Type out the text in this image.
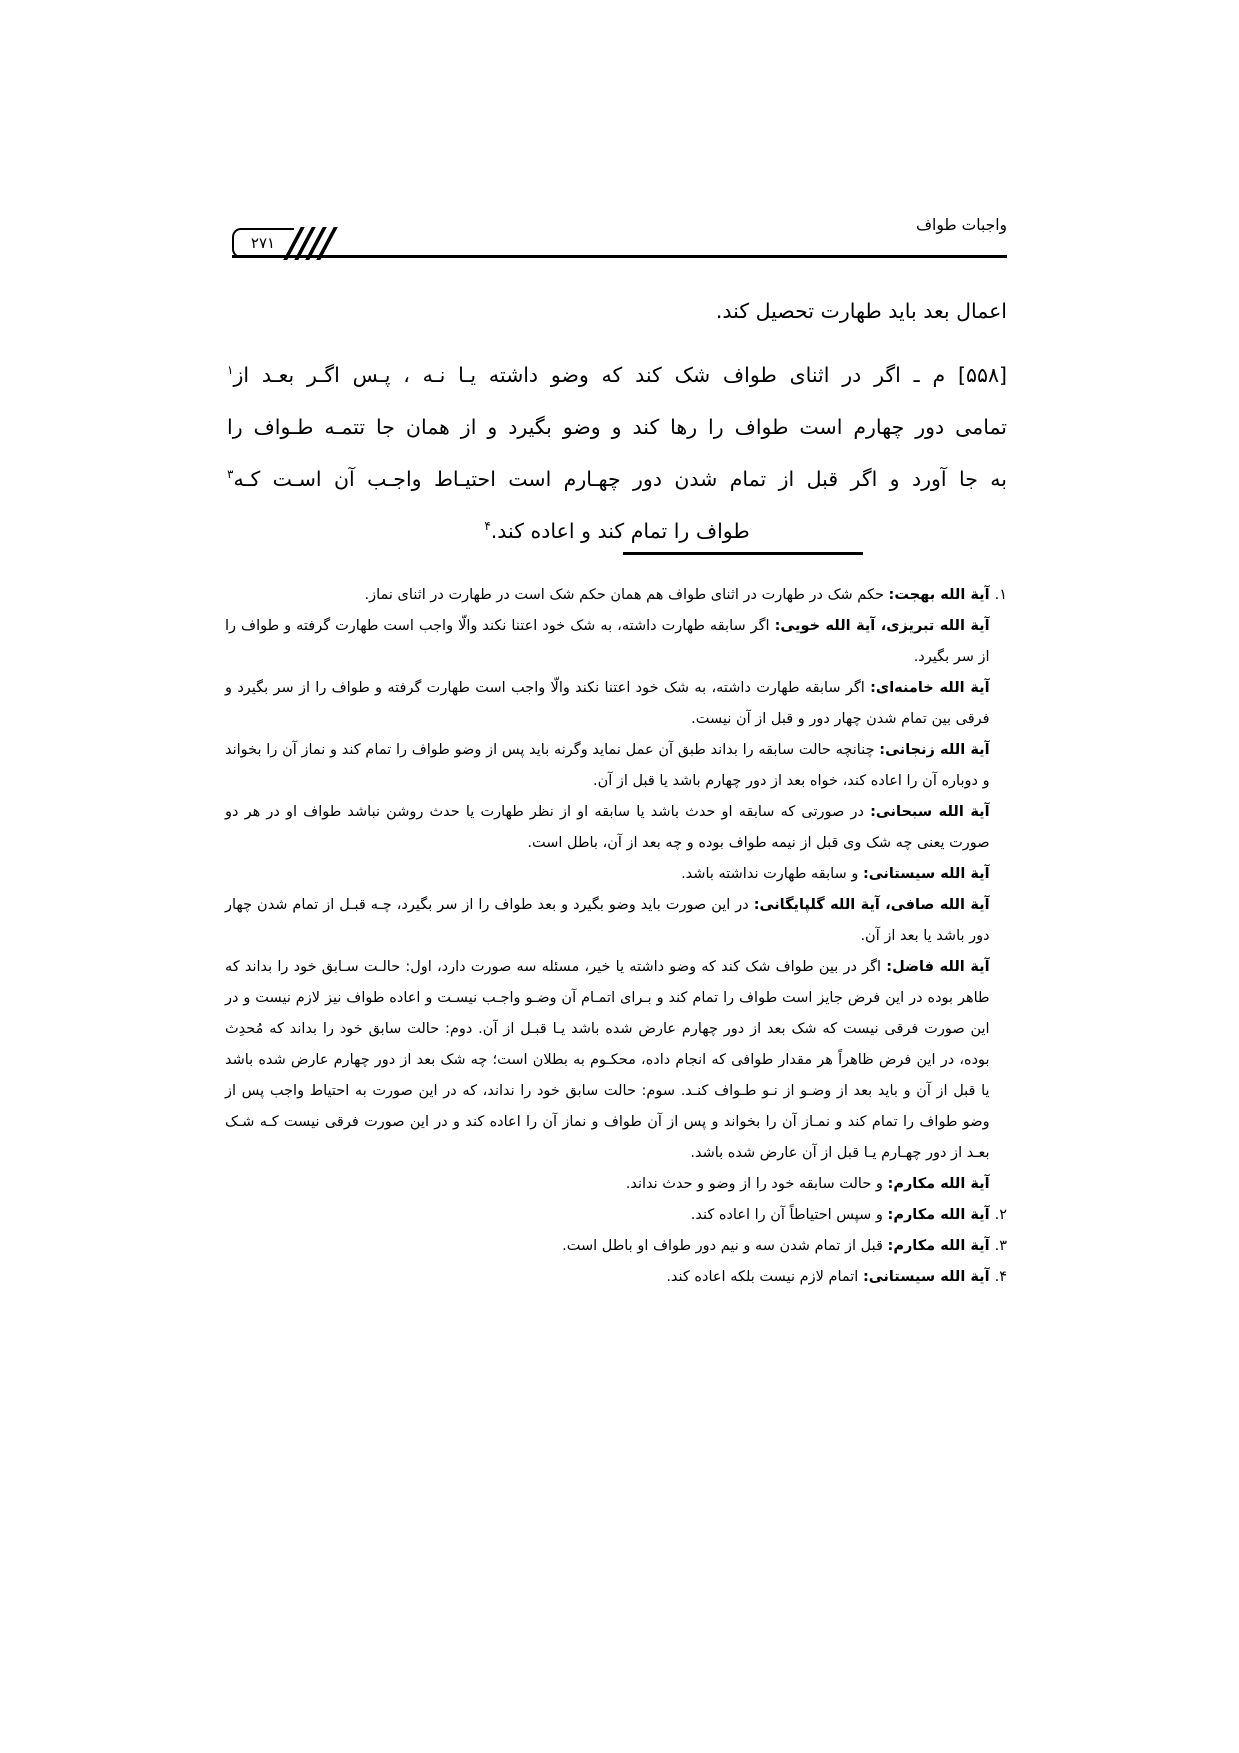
واجبات طواف
۲۷۱
اعمال بعد باید طهارت تحصیل کند.
[۵۵۸] م ـ اگر در اثنای طواف شک کند که وضو داشته یـا نـه ، پـس اگـر بعـد از$^۱$
تمامی دور چهارم است طواف را رها کند و وضو بگیرد و از همان جا تتمـه طـواف را
به جا آورد و اگر قبل از تمام شدن دور چهـارم است احتیـاط واجـب آن اسـت کـه$^۳$
طواف را تمام کند و اعاده کند.$^۴$
۱.

آیة الله بهجت: حکم شک در طهارت در اثنای طواف هم همان حکم شک است در طهارت در اثنای نماز.

آیة الله تبریزی، آیة الله خویی: اگر سابقه طهارت داشته، به شک خود اعتنا نکند والّا واجب است طهارت گرفته و طواف را از سر بگیرد.

آیة الله خامنه‌ای: اگر سابقه طهارت داشته، به شک خود اعتنا نکند والّا واجب است طهارت گرفته و طواف را از سر بگیرد و فرقی بین تمام شدن چهار دور و قبل از آن نیست.

آیة الله زنجانی: چنانچه حالت سابقه را بداند طبق آن عمل نماید وگرنه باید پس از وضو طواف را تمام کند و نماز آن را بخواند و دوباره آن را اعاده کند، خواه بعد از دور چهارم باشد یا قبل از آن.

آیة الله سبحانی: در صورتی که سابقه او حدث باشد یا سابقه او از نظر طهارت یا حدث روشن نباشد طواف او در هر دو صورت یعنی چه شک وی قبل از نیمه طواف بوده و چه بعد از آن، باطل است.

آیة الله سیستانی: و سابقه طهارت نداشته باشد.

آیة الله صافی، آیة الله گلپایگانی: در این صورت باید وضو بگیرد و بعد طواف را از سر بگیرد، چـه قبـل از تمام شدن چهار دور باشد یا بعد از آن.

آیة الله فاضل: اگر در بین طواف شک کند که وضو داشته یا خیر، مسئله سه صورت دارد، اول: حالـت سـابق خود را بداند که طاهر بوده در این فرض جایز است طواف را تمام کند و بـرای اتمـام آن وضـو واجـب نیسـت و اعاده طواف نیز لازم نیست و در این صورت فرقی نیست که شک بعد از دور چهارم عارض شده باشد یـا قبـل از آن. دوم: حالت سابق خود را بداند که مُحدِث بوده، در این فرض ظاهراً هر مقدار طوافی که انجام داده، محکـوم به بطلان است؛ چه شک بعد از دور چهارم عارض شده باشد یا قبل از آن و باید بعد از وضـو از نـو طـواف کنـد. سوم: حالت سابق خود را نداند، که در این صورت به احتیاط واجب پس از وضو طواف را تمام کند و نمـاز آن را بخواند و پس از آن طواف و نماز آن را اعاده کند و در این صورت فرقی نیست کـه شـک بعـد از دور چهـارم یـا قبل از آن عارض شده باشد.

آیة الله مکارم: و حالت سابقه خود را از وضو و حدث نداند.

۲.

آیة الله مکارم: و سپس احتیاطاً آن را اعاده کند.

۳.

آیة الله مکارم: قبل از تمام شدن سه و نیم دور طواف او باطل است.

۴.

آیة الله سیستانی: اتمام لازم نیست بلکه اعاده کند.
